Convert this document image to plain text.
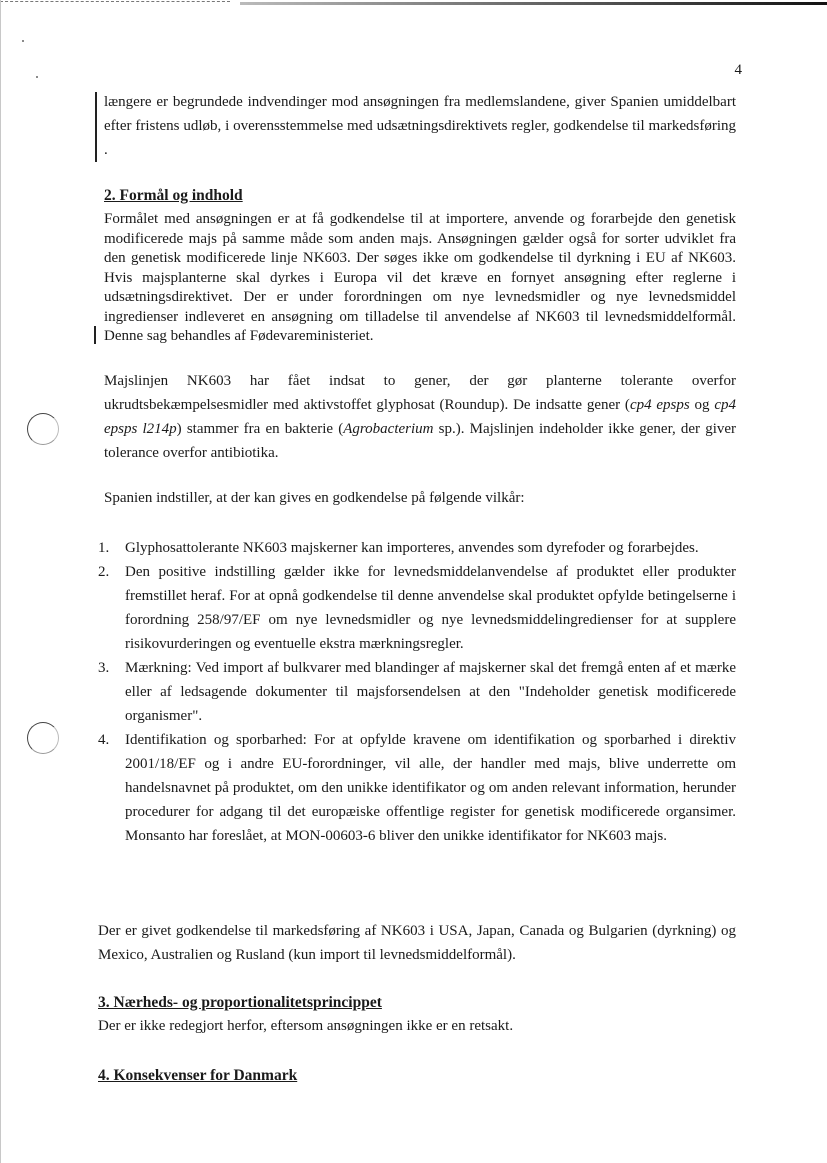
4

længere er begrundede indvendinger mod ansøgningen fra medlemslandene, giver Spanien umiddelbart efter fristens udløb, i overensstemmelse med udsætningsdirektivets regler, godkendelse til markedsføring .

2. Formål og indhold

Formålet med ansøgningen er at få godkendelse til at importere, anvende og forarbejde den genetisk modificerede majs på samme måde som anden majs. Ansøgningen gælder også for sorter udviklet fra den genetisk modificerede linje NK603. Der søges ikke om godkendelse til dyrkning i EU af NK603. Hvis majsplanterne skal dyrkes i Europa vil det kræve en fornyet ansøgning efter reglerne i udsætningsdirektivet. Der er under forordningen om nye levnedsmidler og nye levnedsmiddel ingredienser indleveret en ansøgning om tilladelse til anvendelse af NK603 til levnedsmiddelformål. Denne sag behandles af Fødevareministeriet.

Majslinjen NK603 har fået indsat to gener, der gør planterne tolerante overfor ukrudtsbekæmpelsesmidler med aktivstoffet glyphosat (Roundup). De indsatte gener (cp4 epsps og cp4 epsps l214p) stammer fra en bakterie (Agrobacterium sp.). Majslinjen indeholder ikke gener, der giver tolerance overfor antibiotika.

Spanien indstiller, at der kan gives en godkendelse på følgende vilkår:

1. Glyphosattolerante NK603 majskerner kan importeres, anvendes som dyrefoder og forarbejdes.
2. Den positive indstilling gælder ikke for levnedsmiddelanvendelse af produktet eller produkter fremstillet heraf. For at opnå godkendelse til denne anvendelse skal produktet opfylde betingelserne i forordning 258/97/EF om nye levnedsmidler og nye levnedsmiddelingredienser for at supplere risikovurderingen og eventuelle ekstra mærkningsregler.
3. Mærkning: Ved import af bulkvarer med blandinger af majskerner skal det fremgå enten af et mærke eller af ledsagende dokumenter til majsforsendelsen at den "Indeholder genetisk modificerede organismer".
4. Identifikation og sporbarhed: For at opfylde kravene om identifikation og sporbarhed i direktiv 2001/18/EF og i andre EU-forordninger, vil alle, der handler med majs, blive underrette om handelsnavnet på produktet, om den unikke identifikator og om anden relevant information, herunder procedurer for adgang til det europæiske offentlige register for genetisk modificerede organsimer. Monsanto har foreslået, at MON-00603-6 bliver den unikke identifikator for NK603 majs.

Der er givet godkendelse til markedsføring af NK603 i USA, Japan, Canada og Bulgarien (dyrkning) og Mexico, Australien og Rusland (kun import til levnedsmiddelformål).

3. Nærheds- og proportionalitetsprincippet

Der er ikke redegjort herfor, eftersom ansøgningen ikke er en retsakt.

4. Konsekvenser for Danmark
